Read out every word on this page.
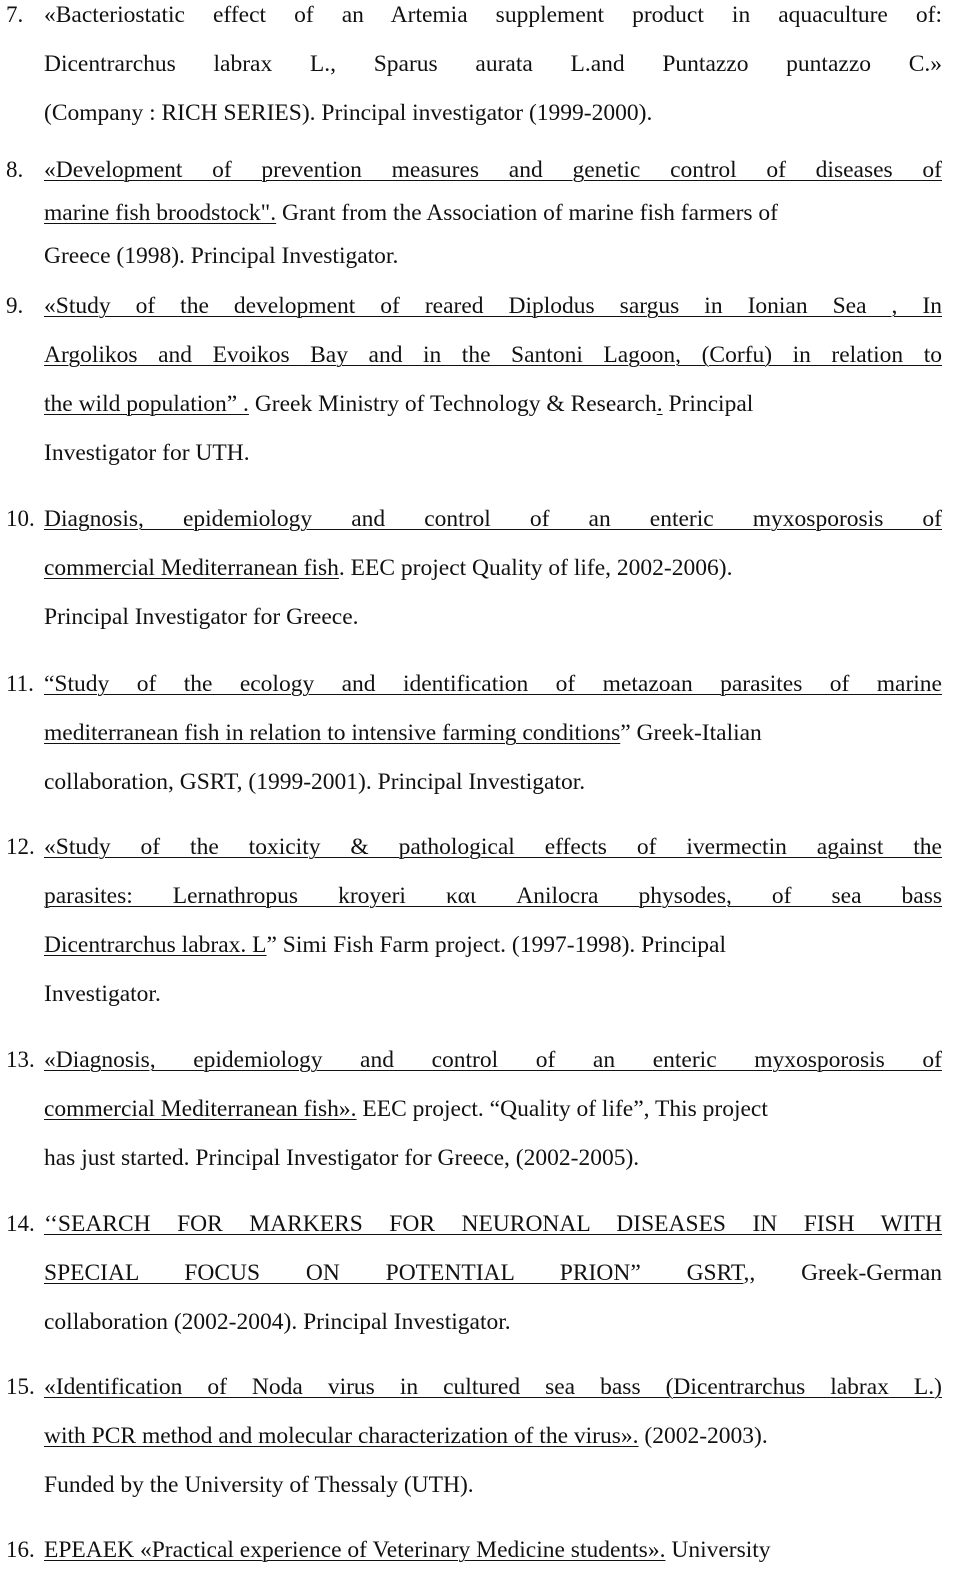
7. «Bacteriostatic effect of an Artemia supplement product in aquaculture of:
Dicentrarchus labrax L., Sparus aurata L.and Puntazzo puntazzo C.»
(Company : RICH SERIES). Principal investigator (1999-2000).
8. «Development of prevention measures and genetic control of diseases of
marine fish broodstock". Grant from the Association of marine fish farmers of
Greece (1998). Principal Investigator.
9. «Study of the development of reared Diplodus sargus in Ionian Sea , In
Argolikos and Evoikos Bay and in the Santoni Lagoon, (Corfu) in relation to
the wild population” . Greek Ministry of Technology & Research. Principal
Investigator for UTH.
10. Diagnosis, epidemiology and control of an enteric myxosporosis of
commercial Mediterranean fish. EEC project Quality of life, 2002-2006).
Principal Investigator for Greece.
11. “Study of the ecology and identification of metazoan parasites of marine
mediterranean fish in relation to intensive farming conditions” Greek-Italian
collaboration, GSRT, (1999-2001). Principal Investigator.
12. «Study of the toxicity & pathological effects of ivermectin against the
parasites: Lernathropus kroyeri και Anilocra physodes, of sea bass
Dicentrarchus labrax. L” Simi Fish Farm project. (1997-1998). Principal
Investigator.
13. «Diagnosis, epidemiology and control of an enteric myxosporosis of
commercial Mediterranean fish». EEC project. “Quality of life”, This project
has just started. Principal Investigator for Greece, (2002-2005).
14. ‘‘SEARCH FOR MARKERS FOR NEURONAL DISEASES IN FISH WITH
SPECIAL FOCUS ON POTENTIAL PRION” GSRT,, Greek-German
collaboration (2002-2004). Principal Investigator.
15. «Identification of Noda virus in cultured sea bass (Dicentrarchus labrax L.)
with PCR method and molecular characterization of the virus». (2002-2003).
Funded by the University of Thessaly (UTH).
16. EPEAEK «Practical experience of Veterinary Medicine students». University
